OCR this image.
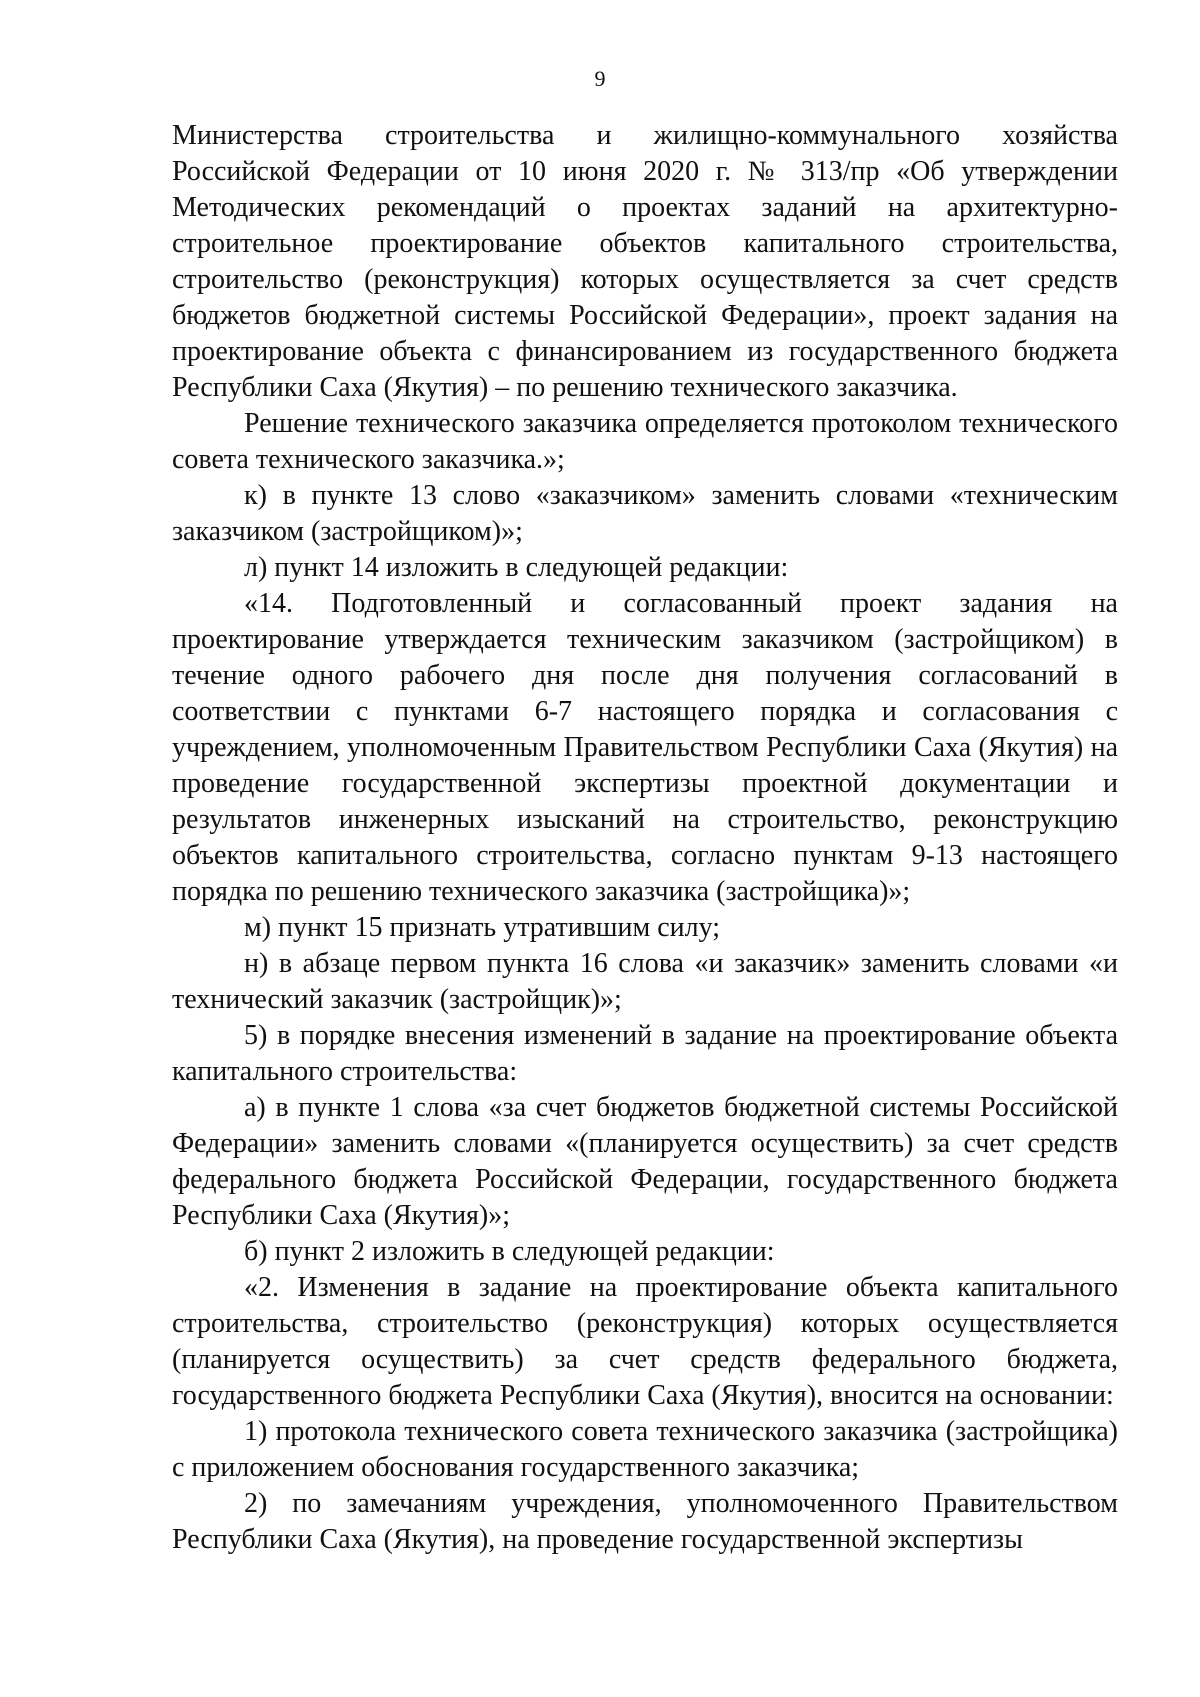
9

Министерства строительства и жилищно-коммунального хозяйства Российской Федерации от 10 июня 2020 г. № 313/пр «Об утверждении Методических рекомендаций о проектах заданий на архитектурно-строительное проектирование объектов капитального строительства, строительство (реконструкция) которых осуществляется за счет средств бюджетов бюджетной системы Российской Федерации», проект задания на проектирование объекта с финансированием из государственного бюджета Республики Саха (Якутия) – по решению технического заказчика.

Решение технического заказчика определяется протоколом технического совета технического заказчика.»;

к) в пункте 13 слово «заказчиком» заменить словами «техническим заказчиком (застройщиком)»;

л) пункт 14 изложить в следующей редакции:

«14. Подготовленный и согласованный проект задания на проектирование утверждается техническим заказчиком (застройщиком) в течение одного рабочего дня после дня получения согласований в соответствии с пунктами 6-7 настоящего порядка и согласования с учреждением, уполномоченным Правительством Республики Саха (Якутия) на проведение государственной экспертизы проектной документации и результатов инженерных изысканий на строительство, реконструкцию объектов капитального строительства, согласно пунктам 9-13 настоящего порядка по решению технического заказчика (застройщика)»;

м) пункт 15 признать утратившим силу;

н) в абзаце первом пункта 16 слова «и заказчик» заменить словами «и технический заказчик (застройщик)»;

5) в порядке внесения изменений в задание на проектирование объекта капитального строительства:

а) в пункте 1 слова «за счет бюджетов бюджетной системы Российской Федерации» заменить словами «(планируется осуществить) за счет средств федерального бюджета Российской Федерации, государственного бюджета Республики Саха (Якутия)»;

б) пункт 2 изложить в следующей редакции:

«2. Изменения в задание на проектирование объекта капитального строительства, строительство (реконструкция) которых осуществляется (планируется осуществить) за счет средств федерального бюджета, государственного бюджета Республики Саха (Якутия), вносится на основании:

1) протокола технического совета технического заказчика (застройщика) с приложением обоснования государственного заказчика;

2) по замечаниям учреждения, уполномоченного Правительством Республики Саха (Якутия), на проведение государственной экспертизы
